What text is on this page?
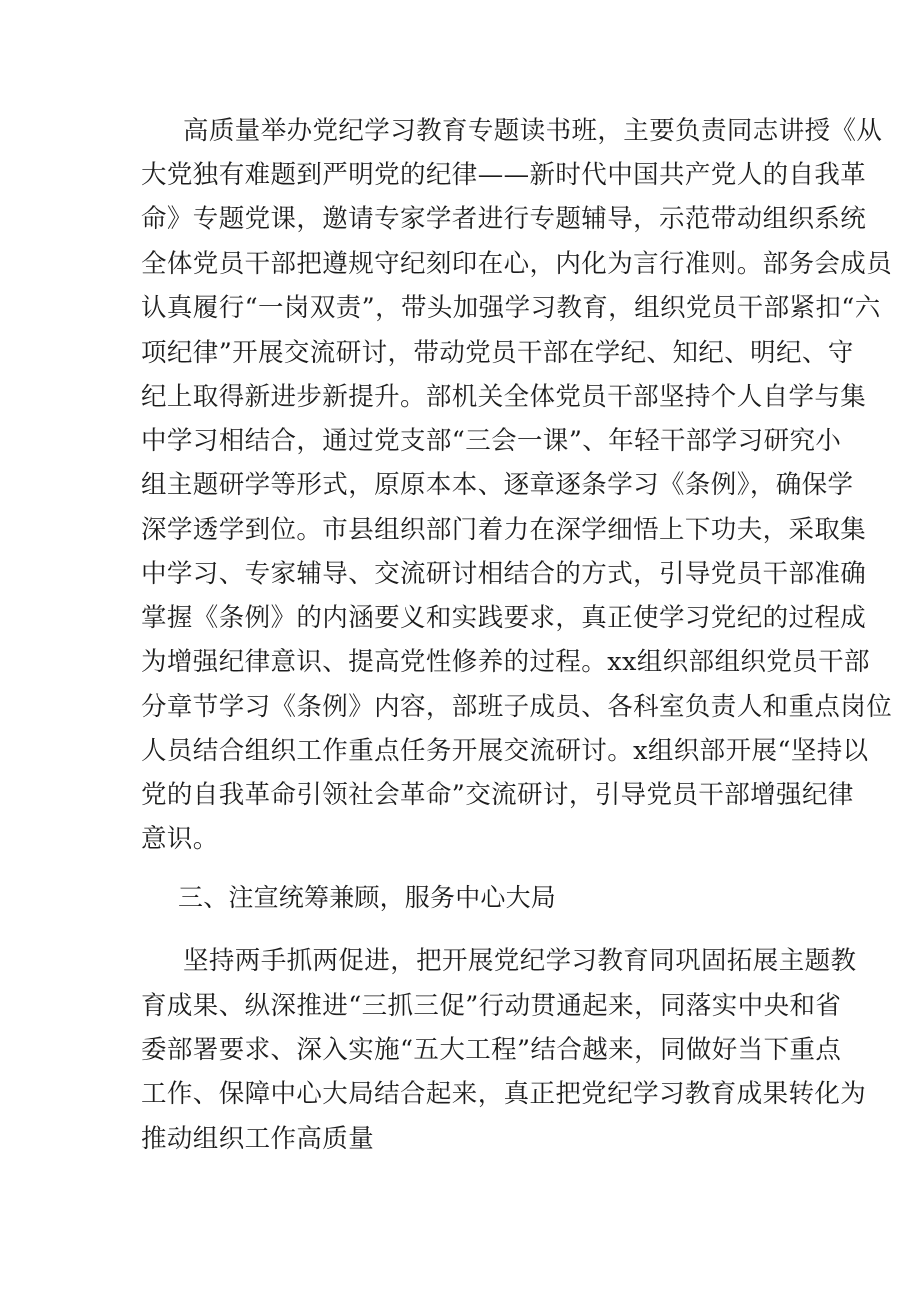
高质量举办党纪学习教育专题读书班，主要负责同志讲授《从
大党独有难题到严明党的纪律——新时代中国共产党人的自我革
命》专题党课，邀请专家学者进行专题辅导，示范带动组织系统
全体党员干部把遵规守纪刻印在心，内化为言行准则。部务会成员
认真履行“一岗双责”，带头加强学习教育，组织党员干部紧扣“六
项纪律”开展交流研讨，带动党员干部在学纪、知纪、明纪、守
纪上取得新进步新提升。部机关全体党员干部坚持个人自学与集
中学习相结合，通过党支部“三会一课”、年轻干部学习研究小
组主题研学等形式，原原本本、逐章逐条学习《条例》，确保学
深学透学到位。市县组织部门着力在深学细悟上下功夫，采取集
中学习、专家辅导、交流研讨相结合的方式，引导党员干部准确
掌握《条例》的内涵要义和实践要求，真正使学习党纪的过程成
为增强纪律意识、提高党性修养的过程。xx组织部组织党员干部
分章节学习《条例》内容，部班子成员、各科室负责人和重点岗位
人员结合组织工作重点任务开展交流研讨。x组织部开展“坚持以
党的自我革命引领社会革命”交流研讨，引导党员干部增强纪律
意识。
三、注宣统筹兼顾，服务中心大局
坚持两手抓两促进，把开展党纪学习教育同巩固拓展主题教
育成果、纵深推进“三抓三促”行动贯通起来，同落实中央和省
委部署要求、深入实施“五大工程”结合越来，同做好当下重点
工作、保障中心大局结合起来，真正把党纪学习教育成果转化为
推动组织工作高质量
